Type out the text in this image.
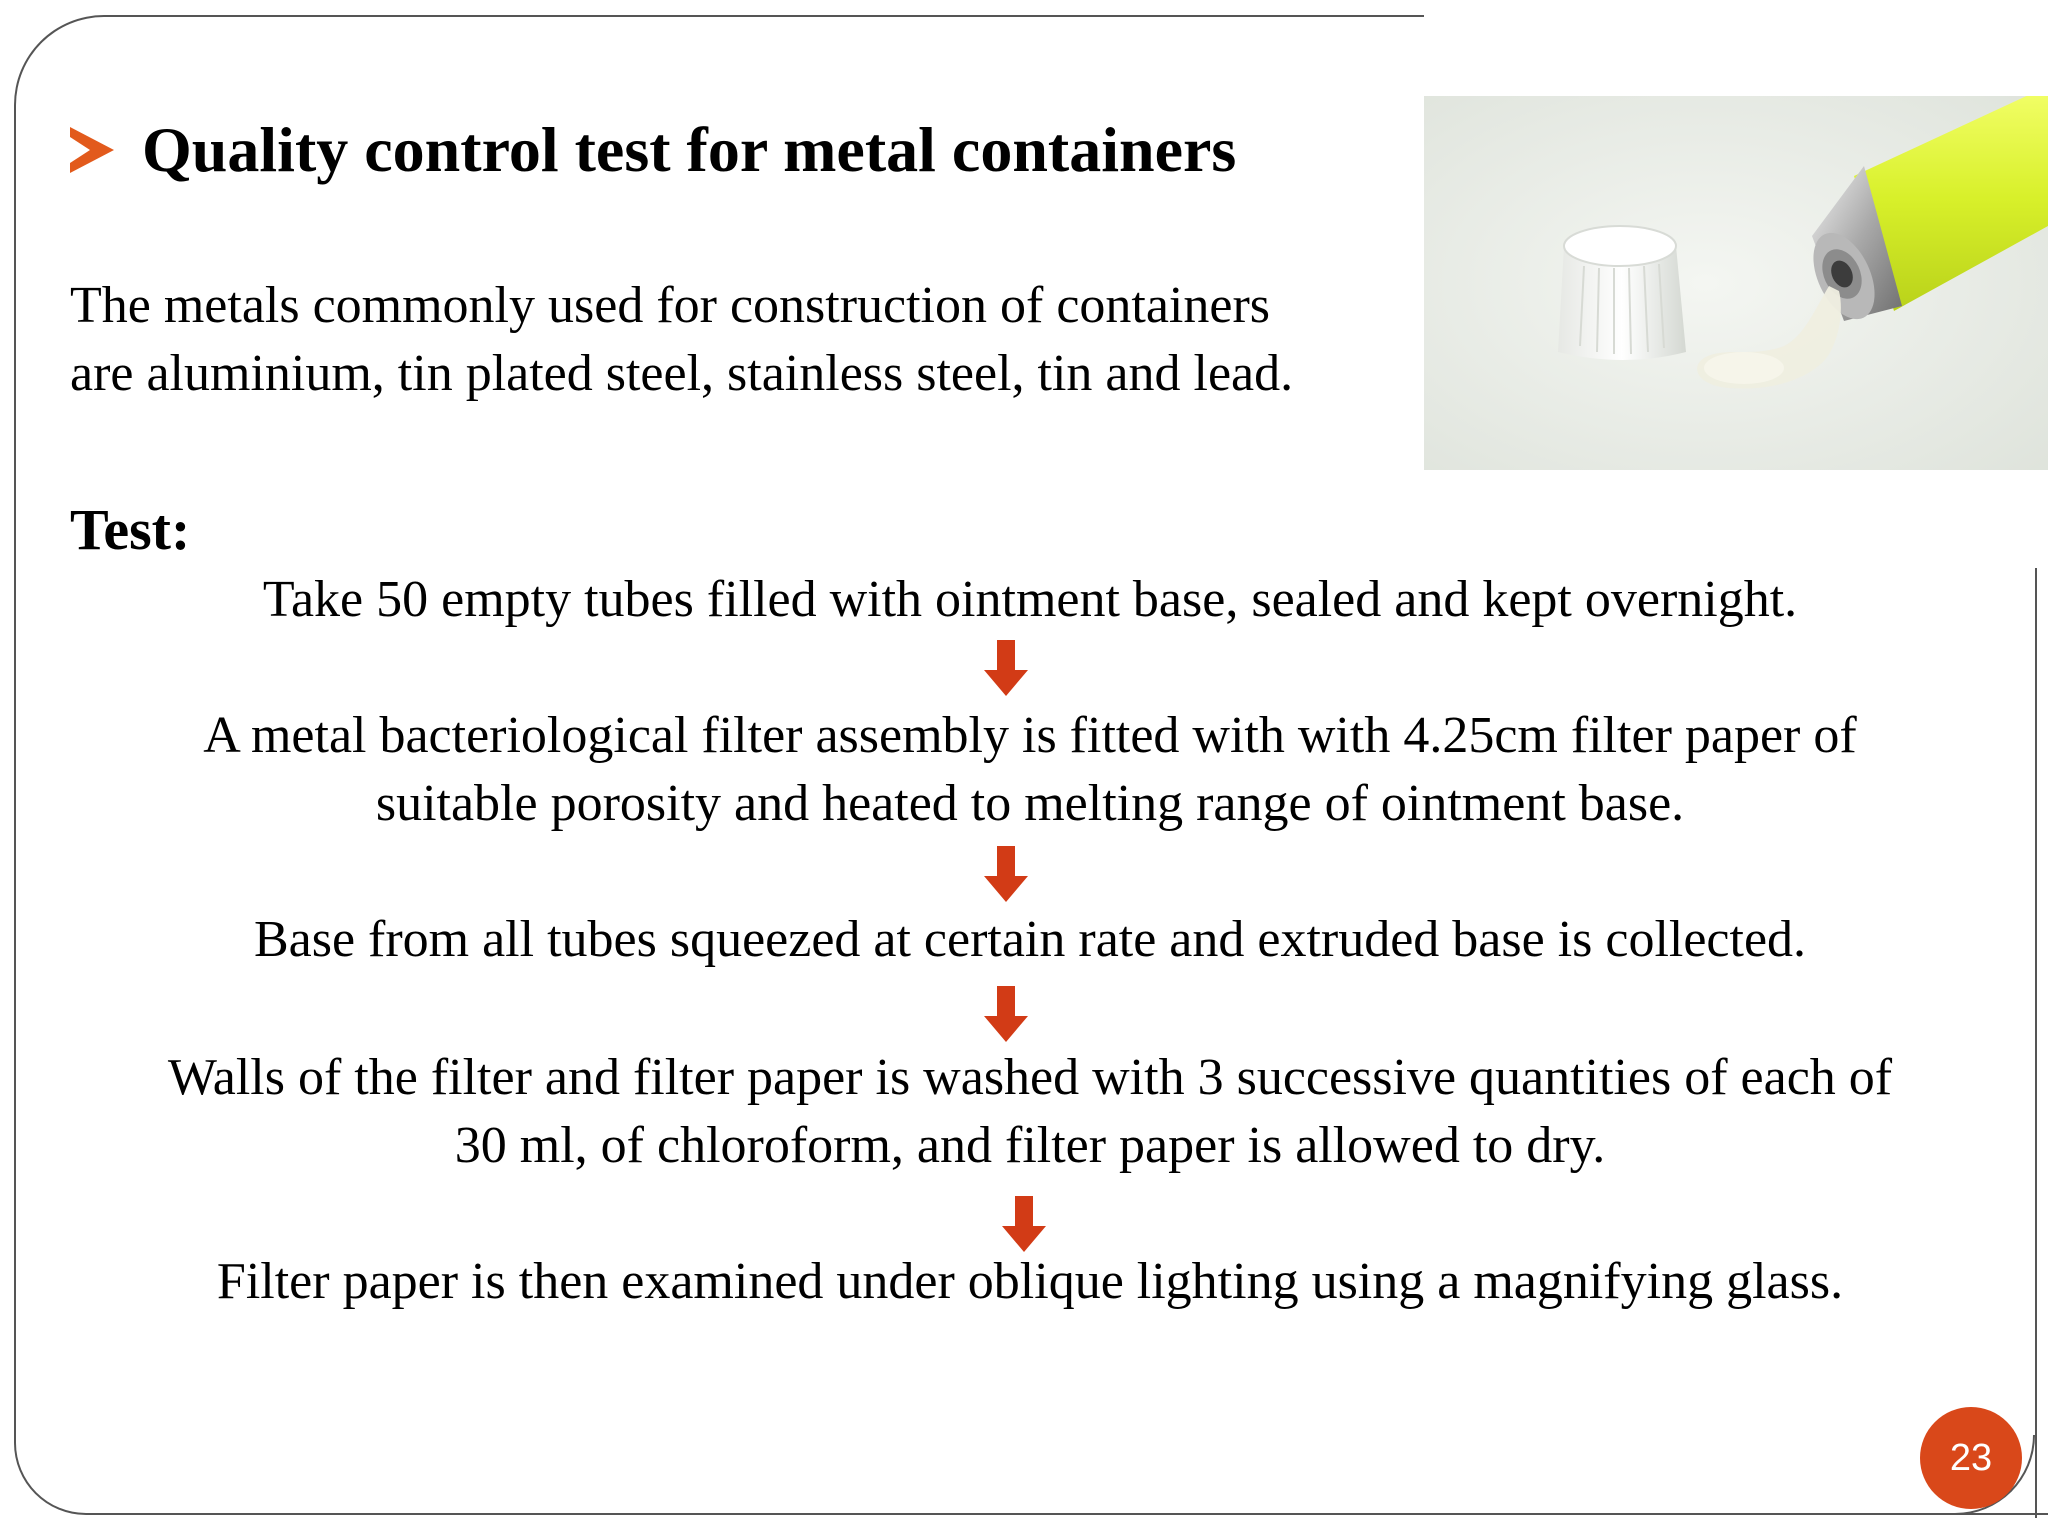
Quality control test for metal containers
The metals commonly used for construction of containers
are aluminium, tin plated steel, stainless steel, tin and lead.
Test:
Take 50 empty tubes filled with ointment base, sealed and kept overnight.
A metal bacteriological filter assembly is fitted with with 4.25cm filter paper of
suitable porosity and heated to melting range of ointment base.
Base from all tubes squeezed at certain rate and extruded base is collected.
Walls of the filter and filter paper is washed with 3 successive quantities of each of
30 ml, of chloroform, and filter paper is allowed to dry.
Filter paper is then examined under oblique lighting using a magnifying glass.
23
